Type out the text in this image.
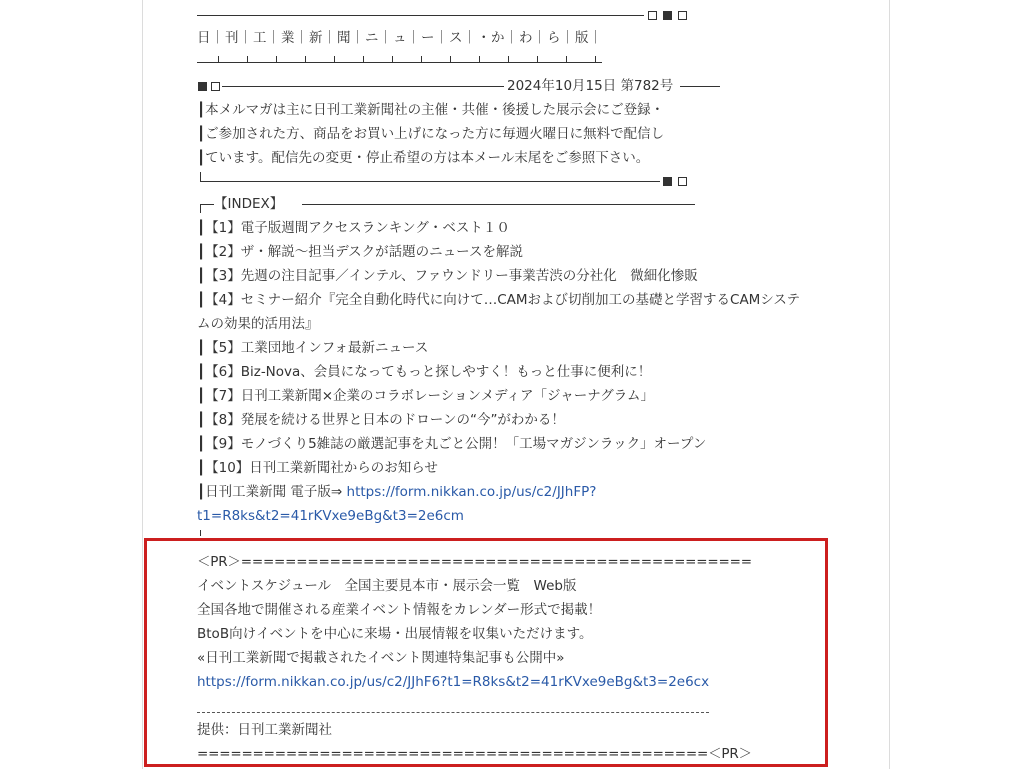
日｜刊｜工｜業｜新｜聞｜ニ｜ュ｜ー｜ス｜・か｜わ｜ら｜版｜
2024年10月15日 第782号
┃本メルマガは主に日刊工業新聞社の主催・共催・後援した展示会にご登録・
┃ご参加された方、商品をお買い上げになった方に毎週火曜日に無料で配信し
┃ています。配信先の変更・停止希望の方は本メール末尾をご参照下さい。
【INDEX】
┃【1】電子版週間アクセスランキング・ベスト１０
┃【2】ザ・解説～担当デスクが話題のニュースを解説
┃【3】先週の注目記事／インテル、ファウンドリー事業苦渋の分社化　微細化惨販
┃【4】セミナー紹介『完全自動化時代に向けて…CAMおよび切削加工の基礎と学習するCAMシステ
ムの効果的活用法』
┃【5】工業団地インフォ最新ニュース
┃【6】Biz-Nova、会員になってもっと探しやすく！もっと仕事に便利に！
┃【7】日刊工業新聞×企業のコラボレーションメディア「ジャーナグラム」
┃【8】発展を続ける世界と日本のドローンの“今”がわかる！
┃【9】モノづくり5雑誌の厳選記事を丸ごと公開！「工場マガジンラック」オープン
┃【10】日刊工業新聞社からのお知らせ
┃日刊工業新聞 電子版⇒ https://form.nikkan.co.jp/us/c2/JJhFP?
t1=R8ks&t2=41rKVxe9eBg&t3=2e6cm
＜PR＞==============================================
イベントスケジュール　全国主要見本市・展示会一覧　Web版
全国各地で開催される産業イベント情報をカレンダー形式で掲載！
BtoB向けイベントを中心に来場・出展情報を収集いただけます。
«日刊工業新聞で掲載されたイベント関連特集記事も公開中»
https://form.nikkan.co.jp/us/c2/JJhF6?t1=R8ks&t2=41rKVxe9eBg&t3=2e6cx
提供：日刊工業新聞社
==============================================＜PR＞
